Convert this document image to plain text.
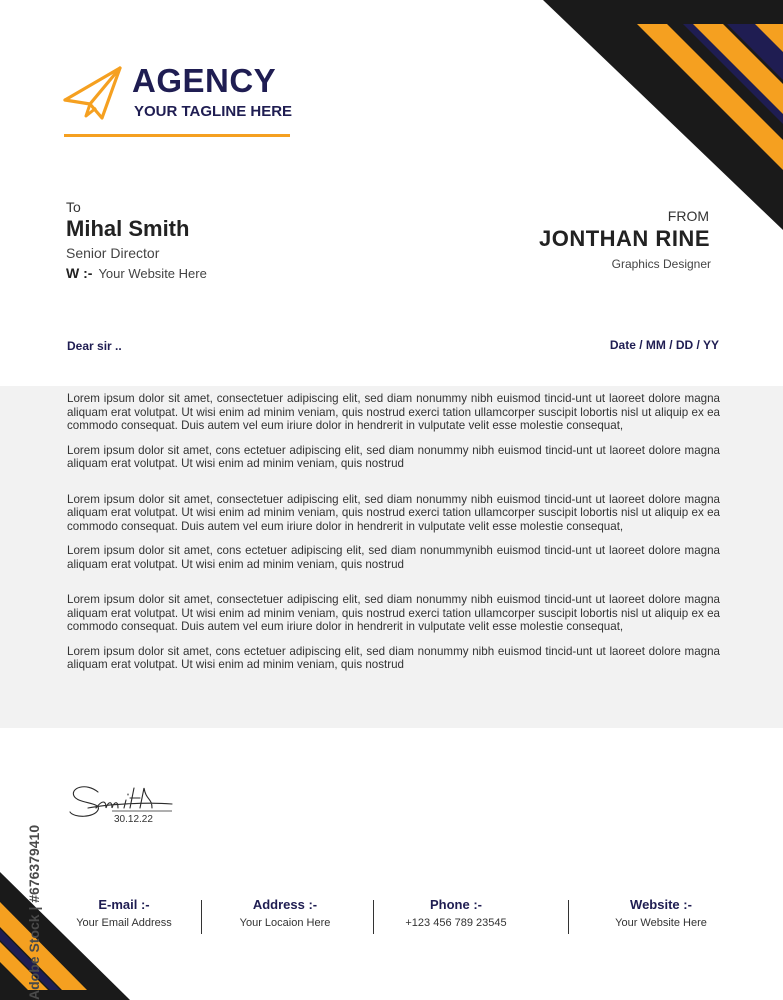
AGENCY
YOUR TAGLINE HERE
To
Mihal Smith
Senior Director
W :- Your Website Here
FROM
JONTHAN RINE
Graphics Designer
Dear sir ..	Date / MM / DD / YY

Lorem ipsum dolor sit amet, consectetuer adipiscing elit, sed diam nonummy nibh euismod tincid-unt ut laoreet dolore magna aliquam erat volutpat. Ut wisi enim ad minim veniam, quis nostrud exerci tation ullamcorper suscipit lobortis nisl ut aliquip ex ea commodo consequat. Duis autem vel eum iriure dolor in hendrerit in vulputate velit esse molestie consequat,

Lorem ipsum dolor sit amet, cons ectetuer adipiscing elit, sed diam nonummy nibh euismod tincid-unt ut laoreet dolore magna aliquam erat volutpat. Ut wisi enim ad minim veniam, quis nostrud

Lorem ipsum dolor sit amet, consectetuer adipiscing elit, sed diam nonummy nibh euismod tincid-unt ut laoreet dolore magna aliquam erat volutpat. Ut wisi enim ad minim veniam, quis nostrud exerci tation ullamcorper suscipit lobortis nisl ut aliquip ex ea commodo consequat. Duis autem vel eum iriure dolor in hendrerit in vulputate velit esse molestie consequat,

Lorem ipsum dolor sit amet, cons ectetuer adipiscing elit, sed diam nonummynibh euismod tincid-unt ut laoreet dolore magna aliquam erat volutpat. Ut wisi enim ad minim veniam, quis nostrud

Lorem ipsum dolor sit amet, consectetuer adipiscing elit, sed diam nonummy nibh euismod tincid-unt ut laoreet dolore magna aliquam erat volutpat. Ut wisi enim ad minim veniam, quis nostrud exerci tation ullamcorper suscipit lobortis nisl ut aliquip ex ea commodo consequat. Duis autem vel eum iriure dolor in hendrerit in vulputate velit esse molestie consequat,

Lorem ipsum dolor sit amet, cons ectetuer adipiscing elit, sed diam nonummy nibh euismod tincid-unt ut laoreet dolore magna aliquam erat volutpat. Ut wisi enim ad minim veniam, quis nostrud

30.12.22
E-mail :-
Your Email Address
Address :-
Your Locaion Here
Phone :-
+123 456 789 23545
Website :-
Your Website Here
Adobe Stock | #676379410
